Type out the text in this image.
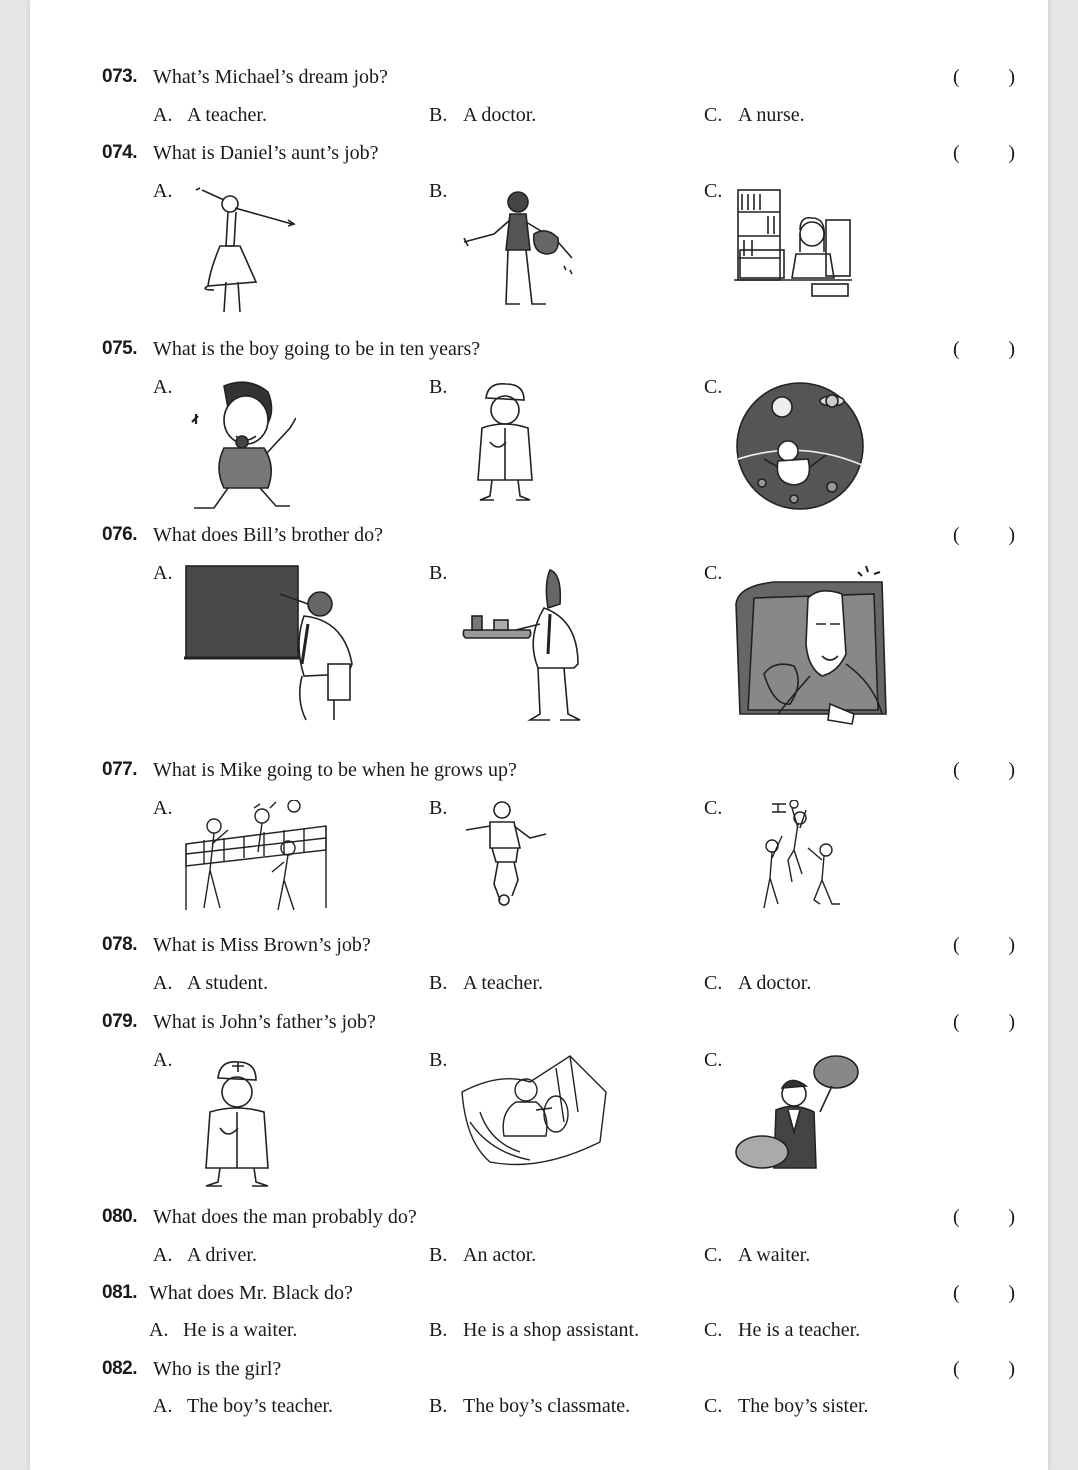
073. What’s Michael’s dream job?	( )
A. A teacher.	B. A doctor.	C. A nurse.
074. What is Daniel’s aunt’s job?	( )
A.	B.	C.
075. What is the boy going to be in ten years?	( )
A.	B.	C.
076. What does Bill’s brother do?	( )
A.	B.	C.
077. What is Mike going to be when he grows up?	( )
A.	B.	C.
078. What is Miss Brown’s job?	( )
A. A student.	B. A teacher.	C. A doctor.
079. What is John’s father’s job?	( )
A.	B.	C.
080. What does the man probably do?	( )
A. A driver.	B. An actor.	C. A waiter.
081. What does Mr. Black do?	( )
A. He is a waiter.	B. He is a shop assistant.	C. He is a teacher.
082. Who is the girl?	( )
A. The boy’s teacher.	B. The boy’s classmate.	C. The boy’s sister.
